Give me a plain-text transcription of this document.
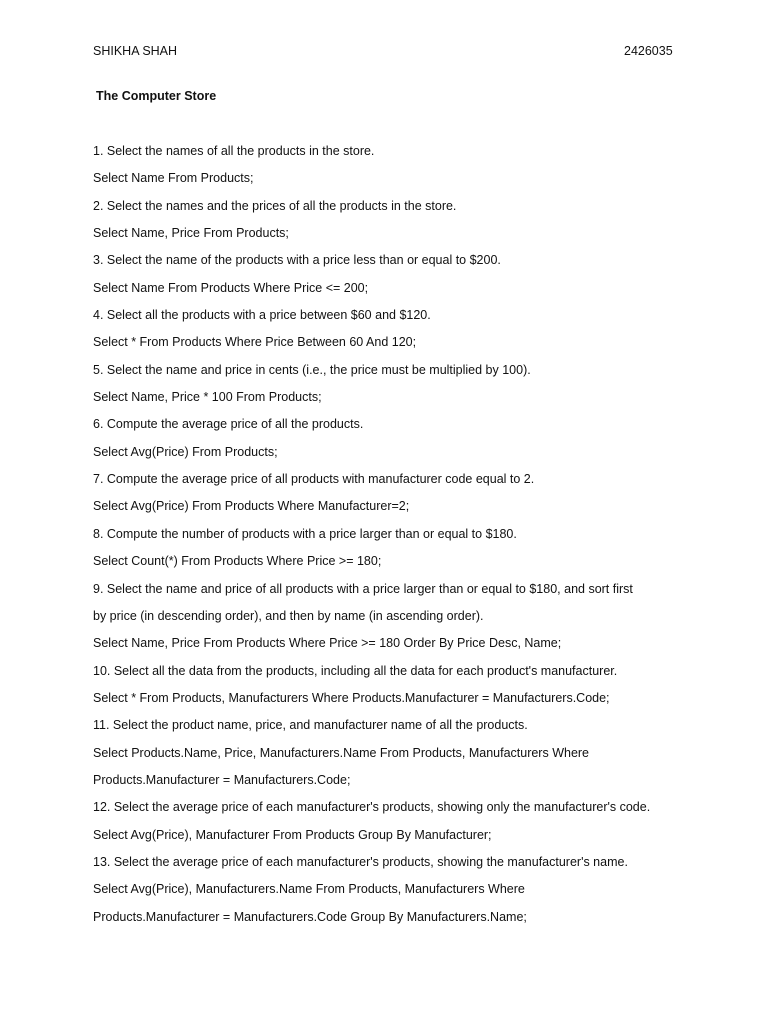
SHIKHA SHAH	2426035
The Computer Store
1. Select the names of all the products in the store.
Select Name From Products;
2. Select the names and the prices of all the products in the store.
Select Name, Price From Products;
3. Select the name of the products with a price less than or equal to $200.
Select Name From Products Where Price <= 200;
4. Select all the products with a price between $60 and $120.
Select * From Products Where Price Between 60 And 120;
5. Select the name and price in cents (i.e., the price must be multiplied by 100).
Select Name, Price * 100 From Products;
6. Compute the average price of all the products.
Select Avg(Price) From Products;
7. Compute the average price of all products with manufacturer code equal to 2.
Select Avg(Price) From Products Where Manufacturer=2;
8. Compute the number of products with a price larger than or equal to $180.
Select Count(*) From Products Where Price >= 180;
9. Select the name and price of all products with a price larger than or equal to $180, and sort first
by price (in descending order), and then by name (in ascending order).
Select Name, Price From Products Where Price >= 180 Order By Price Desc, Name;
10. Select all the data from the products, including all the data for each product's manufacturer.
Select * From Products, Manufacturers Where Products.Manufacturer = Manufacturers.Code;
11. Select the product name, price, and manufacturer name of all the products.
Select Products.Name, Price, Manufacturers.Name From Products, Manufacturers Where
Products.Manufacturer = Manufacturers.Code;
12. Select the average price of each manufacturer's products, showing only the manufacturer's code.
Select Avg(Price), Manufacturer From Products Group By Manufacturer;
13. Select the average price of each manufacturer's products, showing the manufacturer's name.
Select Avg(Price), Manufacturers.Name From Products, Manufacturers Where
Products.Manufacturer = Manufacturers.Code Group By Manufacturers.Name;
